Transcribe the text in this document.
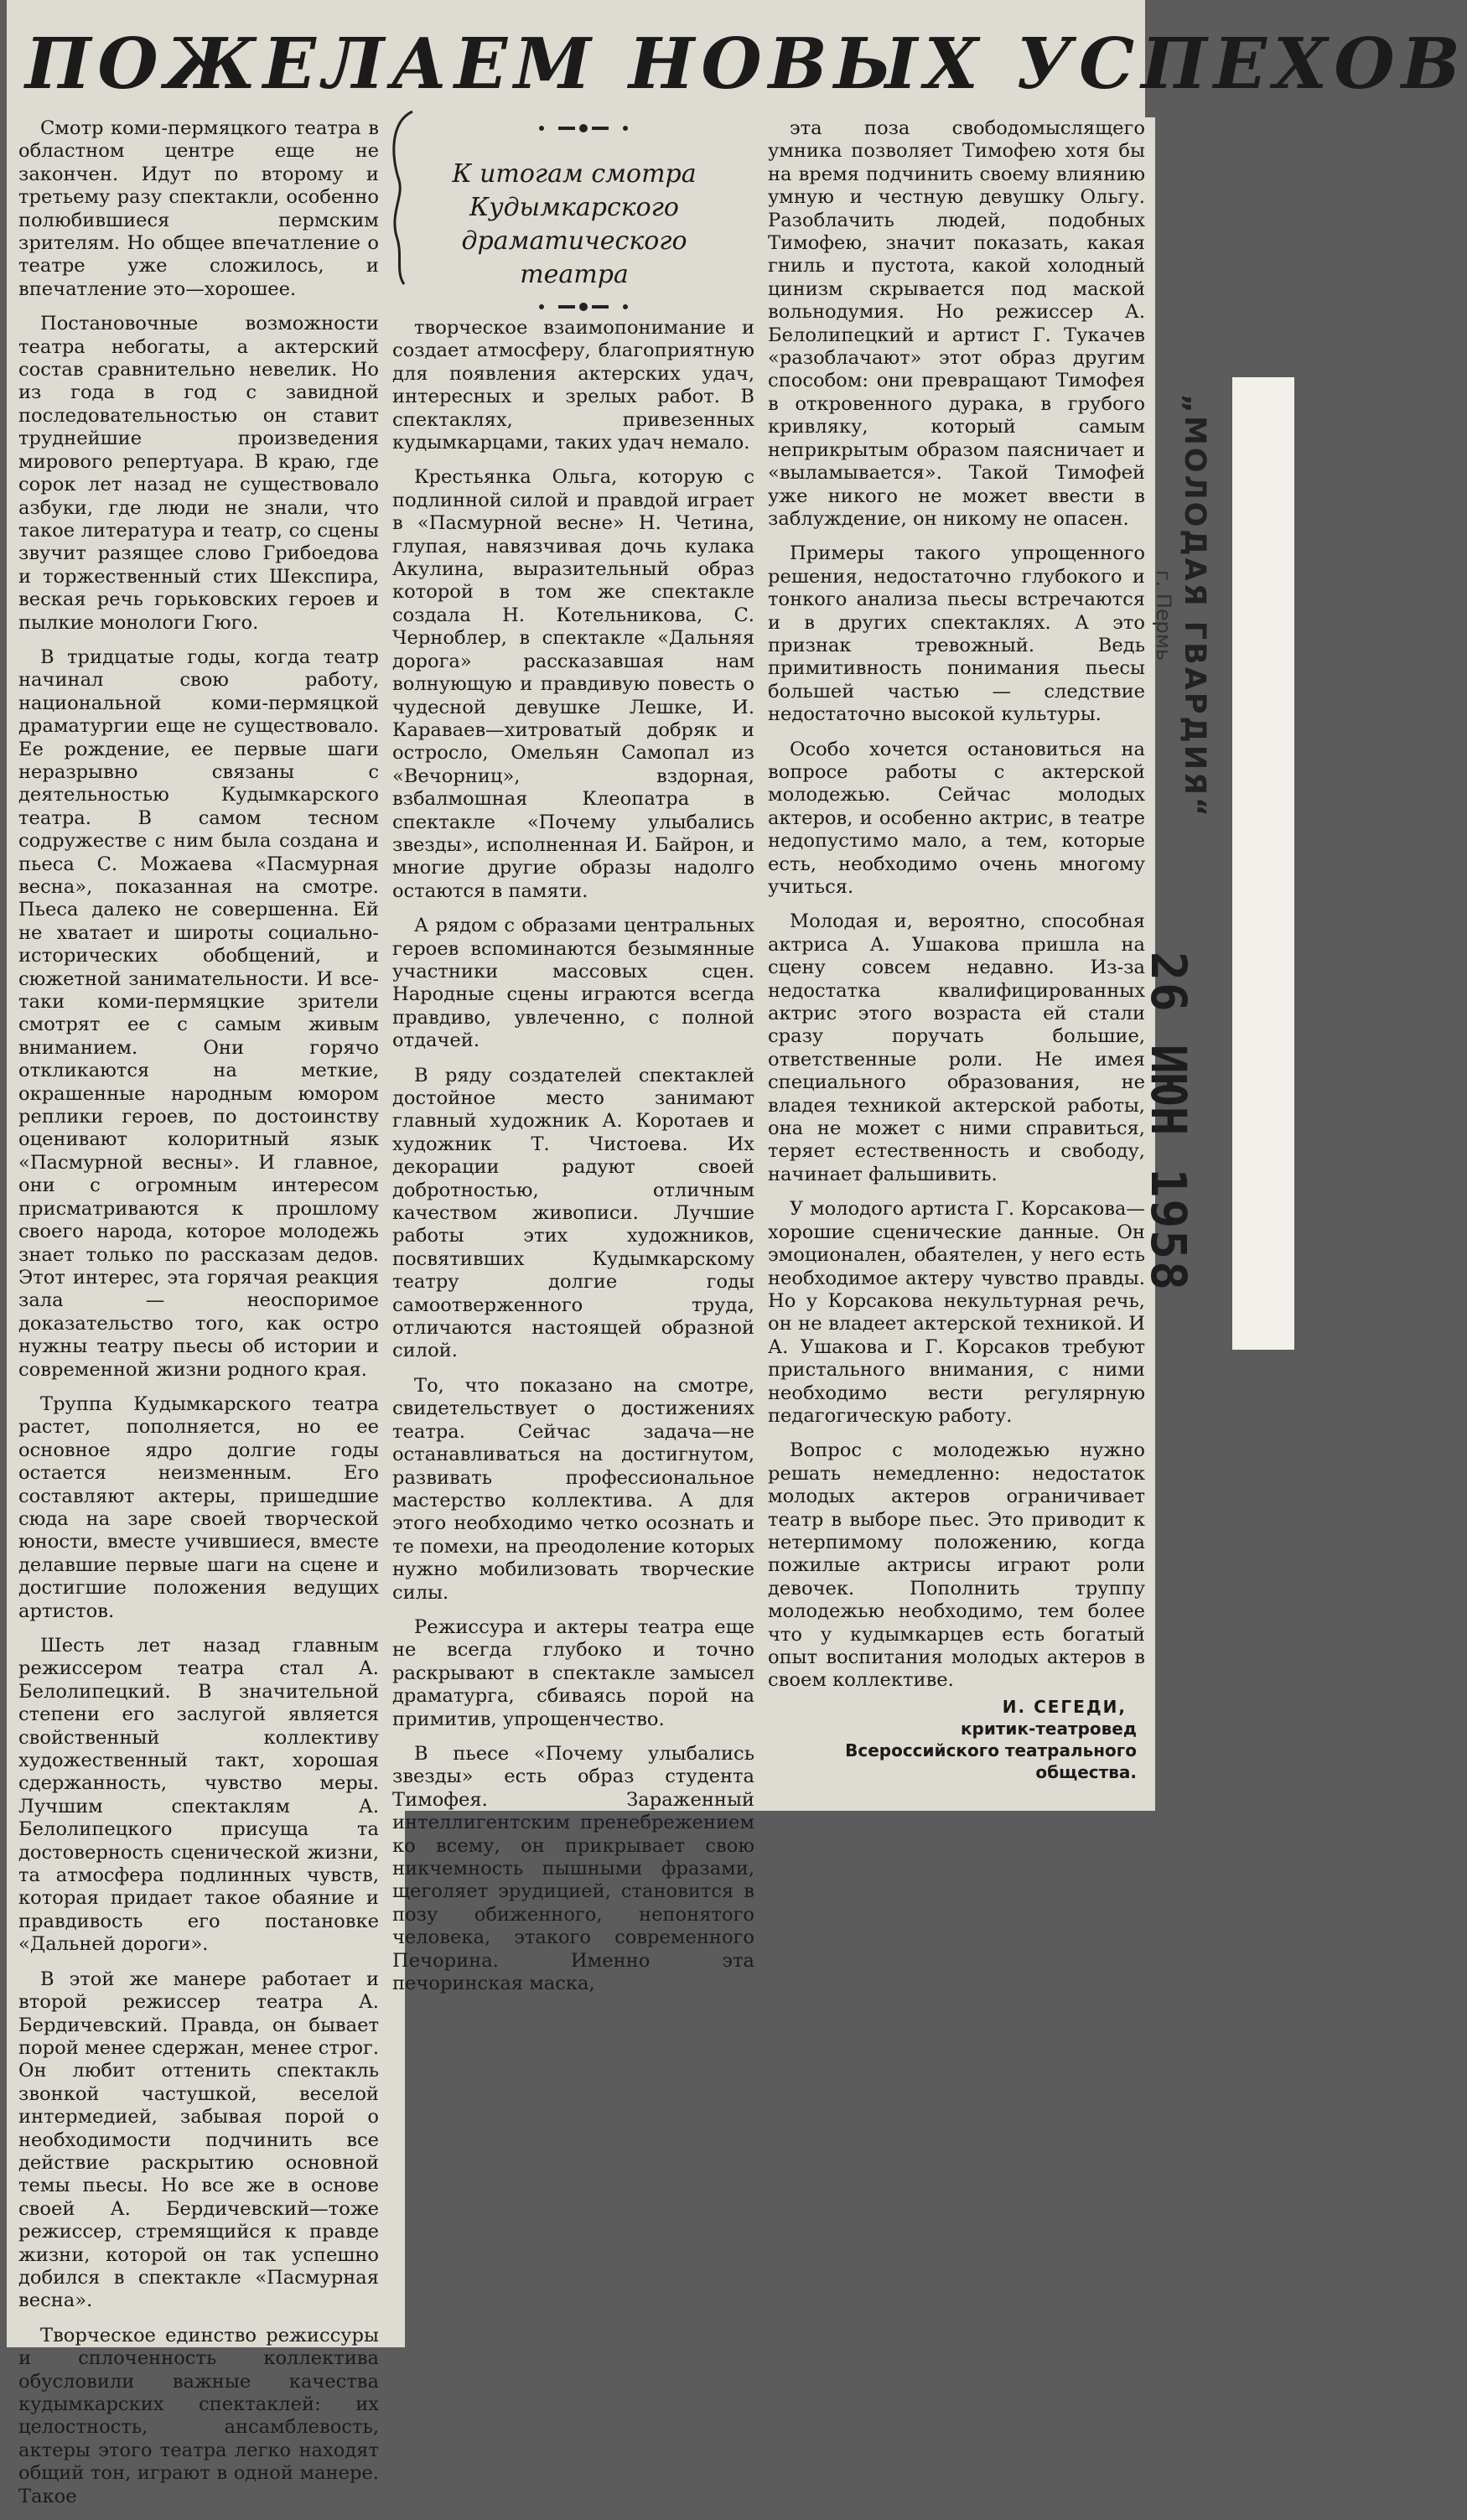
ПОЖЕЛАЕМ НОВЫХ УСПЕХОВ
К итогам смотра Кудымкарского драматического театра

Смотр коми-пермяцкого театра в областном центре еще не закончен. Идут по второму и третьему разу спектакли, особенно полюбившиеся пермским зрителям. Но общее впечатление о театре уже сложилось, и впечатление это—хорошее.

Постановочные возможности театра небогаты, а актерский состав сравнительно невелик. Но из года в год с завидной последовательностью он ставит труднейшие произведения мирового репертуара. В краю, где сорок лет назад не существовало азбуки, где люди не знали, что такое литература и театр, со сцены звучит разящее слово Грибоедова и торжественный стих Шекспира, веская речь горьковских героев и пылкие монологи Гюго.

В тридцатые годы, когда театр начинал свою работу, национальной коми-пермяцкой драматургии еще не существовало. Ее рождение, ее первые шаги неразрывно связаны с деятельностью Кудымкарского театра. В самом тесном содружестве с ним была создана и пьеса С. Можаева «Пасмурная весна», показанная на смотре. Пьеса далеко не совершенна. Ей не хватает и широты социально-исторических обобщений, и сюжетной занимательности. И все-таки коми-пермяцкие зрители смотрят ее с самым живым вниманием. Они горячо откликаются на меткие, окрашенные народным юмором реплики героев, по достоинству оценивают колоритный язык «Пасмурной весны». И главное, они с огромным интересом присматриваются к прошлому своего народа, которое молодежь знает только по рассказам дедов. Этот интерес, эта горячая реакция зала — неоспоримое доказательство того, как остро нужны театру пьесы об истории и современной жизни родного края.

Труппа Кудымкарского театра растет, пополняется, но ее основное ядро долгие годы остается неизменным. Его составляют актеры, пришедшие сюда на заре своей творческой юности, вместе учившиеся, вместе делавшие первые шаги на сцене и достигшие положения ведущих артистов.

Шесть лет назад главным режиссером театра стал А. Белолипецкий. В значительной степени его заслугой является свойственный коллективу художественный такт, хорошая сдержанность, чувство меры. Лучшим спектаклям А. Белолипецкого присуща та достоверность сценической жизни, та атмосфера подлинных чувств, которая придает такое обаяние и правдивость его постановке «Дальней дороги».

В этой же манере работает и второй режиссер театра А. Бердичевский. Правда, он бывает порой менее сдержан, менее строг. Он любит оттенить спектакль звонкой частушкой, веселой интермедией, забывая порой о необходимости подчинить все действие раскрытию основной темы пьесы. Но все же в основе своей А. Бердичевский—тоже режиссер, стремящийся к правде жизни, которой он так успешно добился в спектакле «Пасмурная весна».

Творческое единство режиссуры и сплоченность коллектива обусловили важные качества кудымкарских спектаклей: их целостность, ансамблевость, актеры этого театра легко находят общий тон, играют в одной манере. Такое

творческое взаимопонимание и создает атмосферу, благоприятную для появления актерских удач, интересных и зрелых работ. В спектаклях, привезенных кудымкарцами, таких удач немало.

Крестьянка Ольга, которую с подлинной силой и правдой играет в «Пасмурной весне» Н. Четина, глупая, навязчивая дочь кулака Акулина, выразительный образ которой в том же спектакле создала Н. Котельникова, С. Черноблер, в спектакле «Дальняя дорога» рассказавшая нам волнующую и правдивую повесть о чудесной девушке Лешке, И. Караваев—хитроватый добряк и остросло, Омельян Самопал из «Вечорниц», вздорная, взбалмошная Клеопатра в спектакле «Почему улыбались звезды», исполненная И. Байрон, и многие другие образы надолго остаются в памяти.

А рядом с образами центральных героев вспоминаются безымянные участники массовых сцен. Народные сцены играются всегда правдиво, увлеченно, с полной отдачей.

В ряду создателей спектаклей достойное место занимают главный художник А. Коротаев и художник Т. Чистоева. Их декорации радуют своей добротностью, отличным качеством живописи. Лучшие работы этих художников, посвятивших Кудымкарскому театру долгие годы самоотверженного труда, отличаются настоящей образной силой.

То, что показано на смотре, свидетельствует о достижениях театра. Сейчас задача—не останавливаться на достигнутом, развивать профессиональное мастерство коллектива. А для этого необходимо четко осознать и те помехи, на преодоление которых нужно мобилизовать творческие силы.

Режиссура и актеры театра еще не всегда глубоко и точно раскрывают в спектакле замысел драматурга, сбиваясь порой на примитив, упрощенчество.

В пьесе «Почему улыбались звезды» есть образ студента Тимофея. Зараженный интеллигентским пренебрежением ко всему, он прикрывает свою никчемность пышными фразами, щеголяет эрудицией, становится в позу обиженного, непонятого человека, этакого современного Печорина. Именно эта печоринская маска,

эта поза свободомыслящего умника позволяет Тимофею хотя бы на время подчинить своему влиянию умную и честную девушку Ольгу. Разоблачить людей, подобных Тимофею, значит показать, какая гниль и пустота, какой холодный цинизм скрывается под маской вольнодумия. Но режиссер А. Белолипецкий и артист Г. Тукачев «разоблачают» этот образ другим способом: они превращают Тимофея в откровенного дурака, в грубого кривляку, который самым неприкрытым образом паясничает и «выламывается». Такой Тимофей уже никого не может ввести в заблуждение, он никому не опасен.

Примеры такого упрощенного решения, недостаточно глубокого и тонкого анализа пьесы встречаются и в других спектаклях. А это признак тревожный. Ведь примитивность понимания пьесы большей частью — следствие недостаточно высокой культуры.

Особо хочется остановиться на вопросе работы с актерской молодежью. Сейчас молодых актеров, и особенно актрис, в театре недопустимо мало, а тем, которые есть, необходимо очень многому учиться.

Молодая и, вероятно, способная актриса А. Ушакова пришла на сцену совсем недавно. Из-за недостатка квалифицированных актрис этого возраста ей стали сразу поручать большие, ответственные роли. Не имея специального образования, не владея техникой актерской работы, она не может с ними справиться, теряет естественность и свободу, начинает фальшивить.

У молодого артиста Г. Корсакова—хорошие сценические данные. Он эмоционален, обаятелен, у него есть необходимое актеру чувство правды. Но у Корсакова некультурная речь, он не владеет актерской техникой. И А. Ушакова и Г. Корсаков требуют пристального внимания, с ними необходимо вести регулярную педагогическую работу.

Вопрос с молодежью нужно решать немедленно: недостаток молодых актеров ограничивает театр в выборе пьес. Это приводит к нетерпимому положению, когда пожилые актрисы играют роли девочек. Пополнить труппу молодежью необходимо, тем более что у кудымкарцев есть богатый опыт воспитания молодых актеров в своем коллективе.

И. СЕГЕДИ,
критик-театровед
Всероссийского театрального общества.
„МОЛОДАЯ ГВАРДИЯ“
г. Пермь
26 ИЮН 1958
